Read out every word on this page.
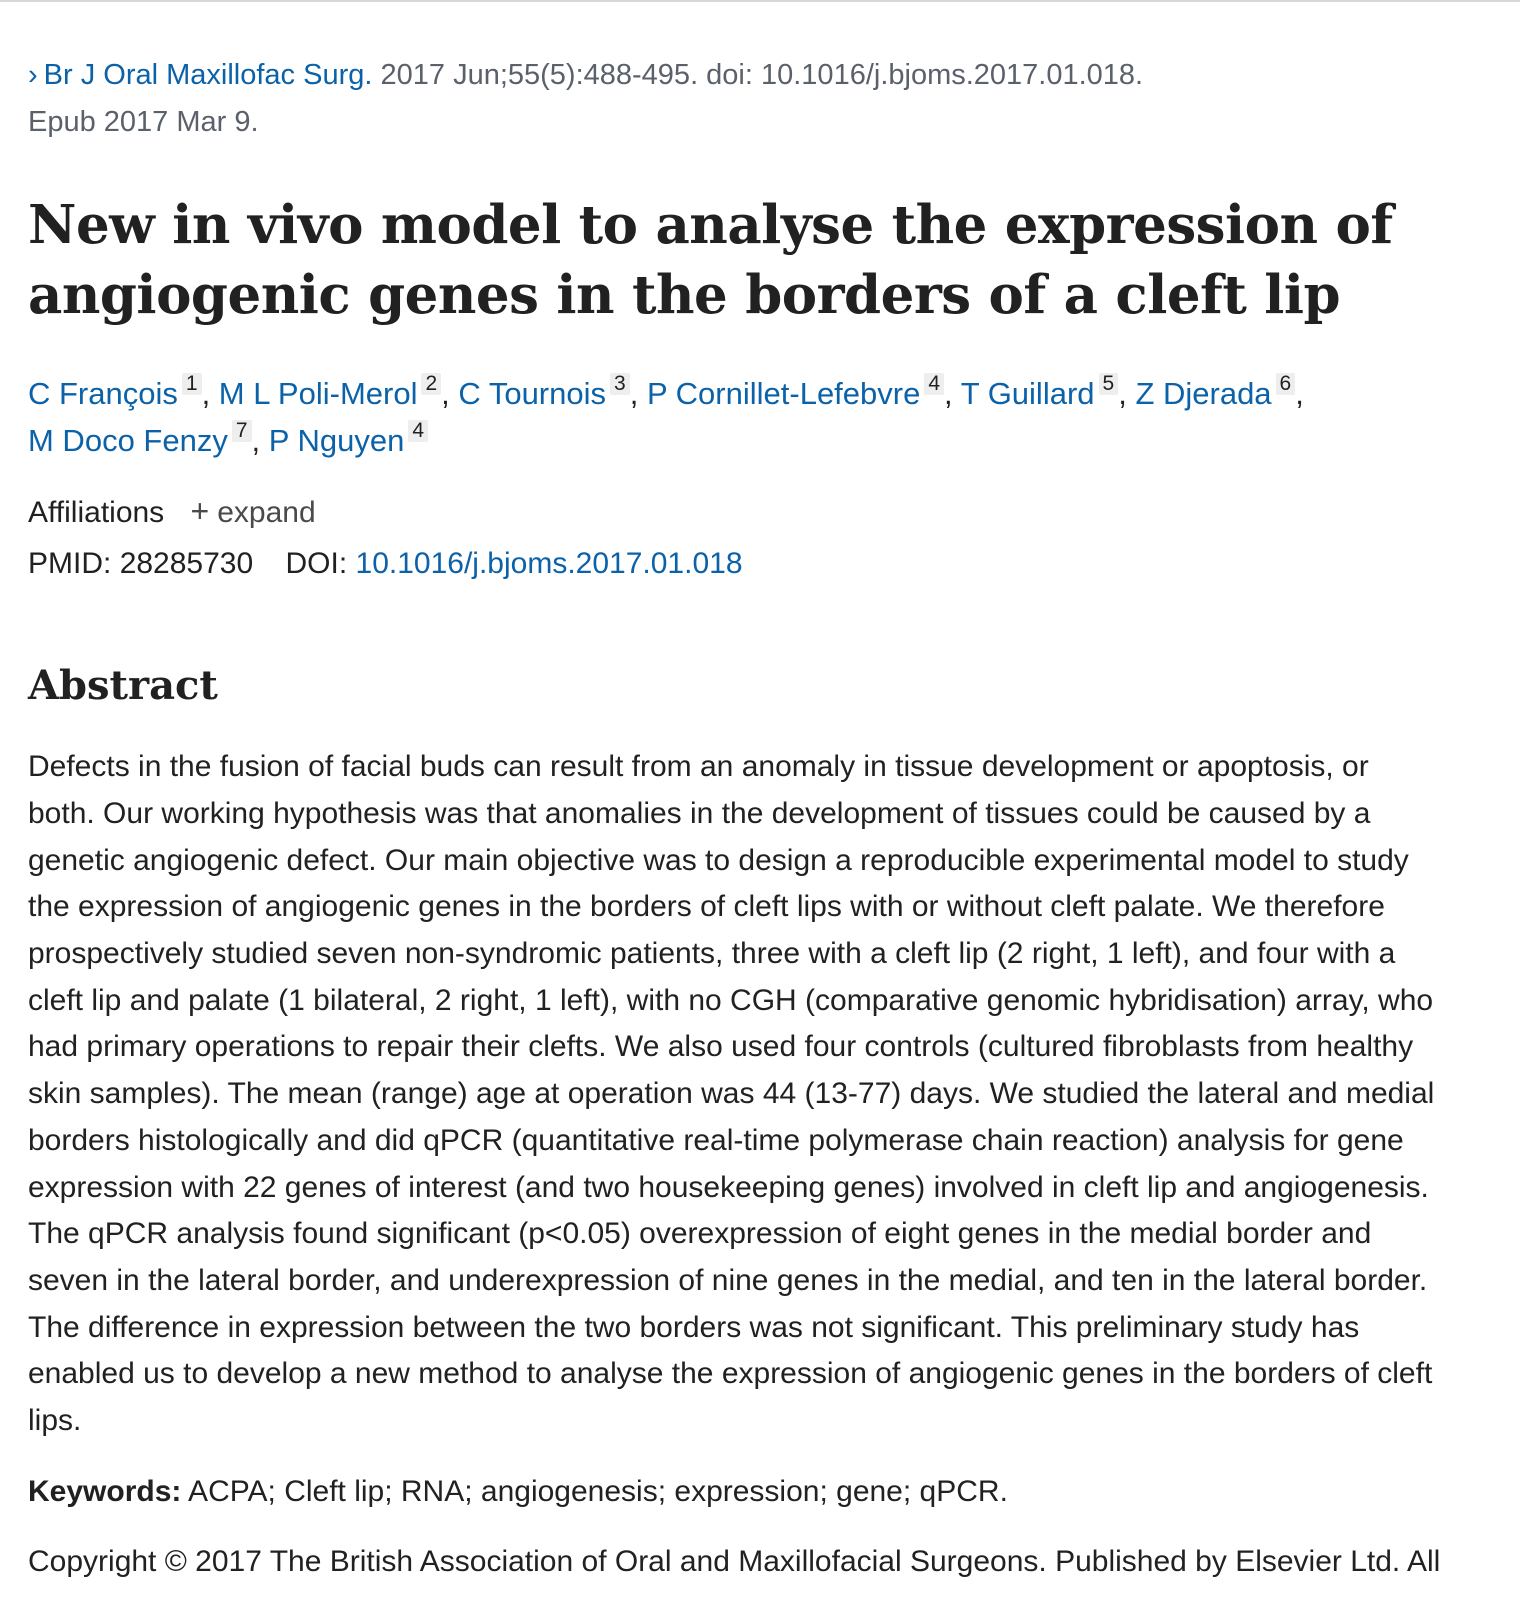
› Br J Oral Maxillofac Surg. 2017 Jun;55(5):488-495. doi: 10.1016/j.bjoms.2017.01.018.
Epub 2017 Mar 9.
New in vivo model to analyse the expression of angiogenic genes in the borders of a cleft lip
C François $^1$ , M L Poli-Merol $^2$ , C Tournois $^3$ , P Cornillet-Lefebvre $^4$ , T Guillard $^5$ , Z Djerada $^6$ ,
M Doco Fenzy $^7$ , P Nguyen $^4$
Affiliations + expand
PMID: 28285730 DOI: 10.1016/j.bjoms.2017.01.018
Abstract
Defects in the fusion of facial buds can result from an anomaly in tissue development or apoptosis, or both. Our working hypothesis was that anomalies in the development of tissues could be caused by a genetic angiogenic defect. Our main objective was to design a reproducible experimental model to study the expression of angiogenic genes in the borders of cleft lips with or without cleft palate. We therefore prospectively studied seven non-syndromic patients, three with a cleft lip (2 right, 1 left), and four with a cleft lip and palate (1 bilateral, 2 right, 1 left), with no CGH (comparative genomic hybridisation) array, who had primary operations to repair their clefts. We also used four controls (cultured fibroblasts from healthy skin samples). The mean (range) age at operation was 44 (13-77) days. We studied the lateral and medial borders histologically and did qPCR (quantitative real-time polymerase chain reaction) analysis for gene expression with 22 genes of interest (and two housekeeping genes) involved in cleft lip and angiogenesis. The qPCR analysis found significant (p<0.05) overexpression of eight genes in the medial border and seven in the lateral border, and underexpression of nine genes in the medial, and ten in the lateral border. The difference in expression between the two borders was not significant. This preliminary study has enabled us to develop a new method to analyse the expression of angiogenic genes in the borders of cleft lips.
Keywords: ACPA; Cleft lip; RNA; angiogenesis; expression; gene; qPCR.
Copyright © 2017 The British Association of Oral and Maxillofacial Surgeons. Published by Elsevier Ltd. All
